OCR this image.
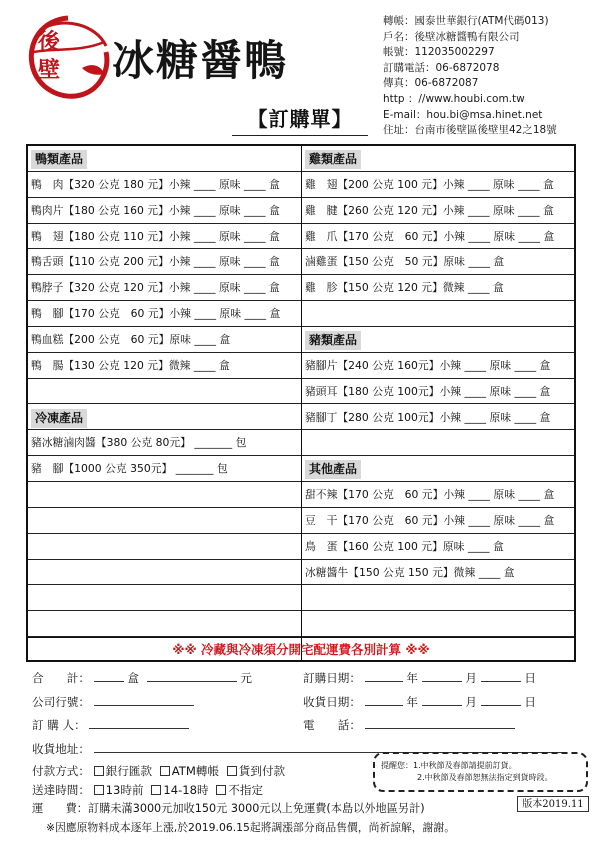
後壁	冰糖醤鴨
【訂購單】
轉帳：國泰世華銀行(ATM代碼013)
戶名：後壁冰糖醬鴨有限公司
帳號：112035002297
訂購電話：06-6872078
傳真：06-6872087
http ：//www.houbi.com.tw
E-mail：hou.bi@msa.hinet.net
住址：台南市後壁區後壁里42之18號
鴨類產品
鴨　肉【320 公克 180 元】小辣 ____ 原味 ____ 盒
鴨肉片【180 公克 160 元】小辣 ____ 原味 ____ 盒
鴨　翅【180 公克 110 元】小辣 ____ 原味 ____ 盒
鴨舌頭【110 公克 200 元】小辣 ____ 原味 ____ 盒
鴨脖子【320 公克 120 元】小辣 ____ 原味 ____ 盒
鴨　腳【170 公克　60 元】小辣 ____ 原味 ____ 盒
鴨血糕【200 公克　60 元】原味 ____ 盒
鴨　腸【130 公克 120 元】微辣 ____ 盒
冷凍產品
豬冰糖滷肉醬【380 公克 80元】 _______ 包
豬　腳【1000 公克 350元】 _______ 包
雞類產品
雞　翅【200 公克 100 元】小辣 ____ 原味 ____ 盒
雞　腱【260 公克 120 元】小辣 ____ 原味 ____ 盒
雞　爪【170 公克　60 元】小辣 ____ 原味 ____ 盒
滷雞蛋【150 公克　50 元】原味 ____ 盒
雞　胗【150 公克 120 元】微辣 ____ 盒
豬類產品
豬腳片【240 公克 160元】小辣 ____ 原味 ____ 盒
豬頭耳【180 公克 100元】小辣 ____ 原味 ____ 盒
豬腳丁【280 公克 100元】小辣 ____ 原味 ____ 盒
其他產品
甜不辣【170 公克　60 元】小辣 ____ 原味 ____ 盒
豆　干【170 公克　60 元】小辣 ____ 原味 ____ 盒
鳥　蛋【160 公克 100 元】原味 ____ 盒
冰糖醬牛【150 公克 150 元】微辣 ____ 盒
※※ 冷藏與冷凍須分開宅配運費各別計算 ※※
合　　計：	盒	元	訂購日期：	年	月	日
公司行號：	收貨日期：	年	月	日
訂 購 人：	電　　話：
收貨地址：
付款方式： 銀行匯款 ATM轉帳 貨到付款
送達時間： 13時前 14-18時 不指定
運　　費：訂購未滿3000元加收150元 3000元以上免運費(本島以外地區另計)	版本2019.11
※因應原物料成本逐年上漲,於2019.06.15起將調漲部分商品售價，尚祈諒解，謝謝。
提醒您：1.中秋節及春節請提前訂貨。
2.中秋節及春節恕無法指定到貨時段。
